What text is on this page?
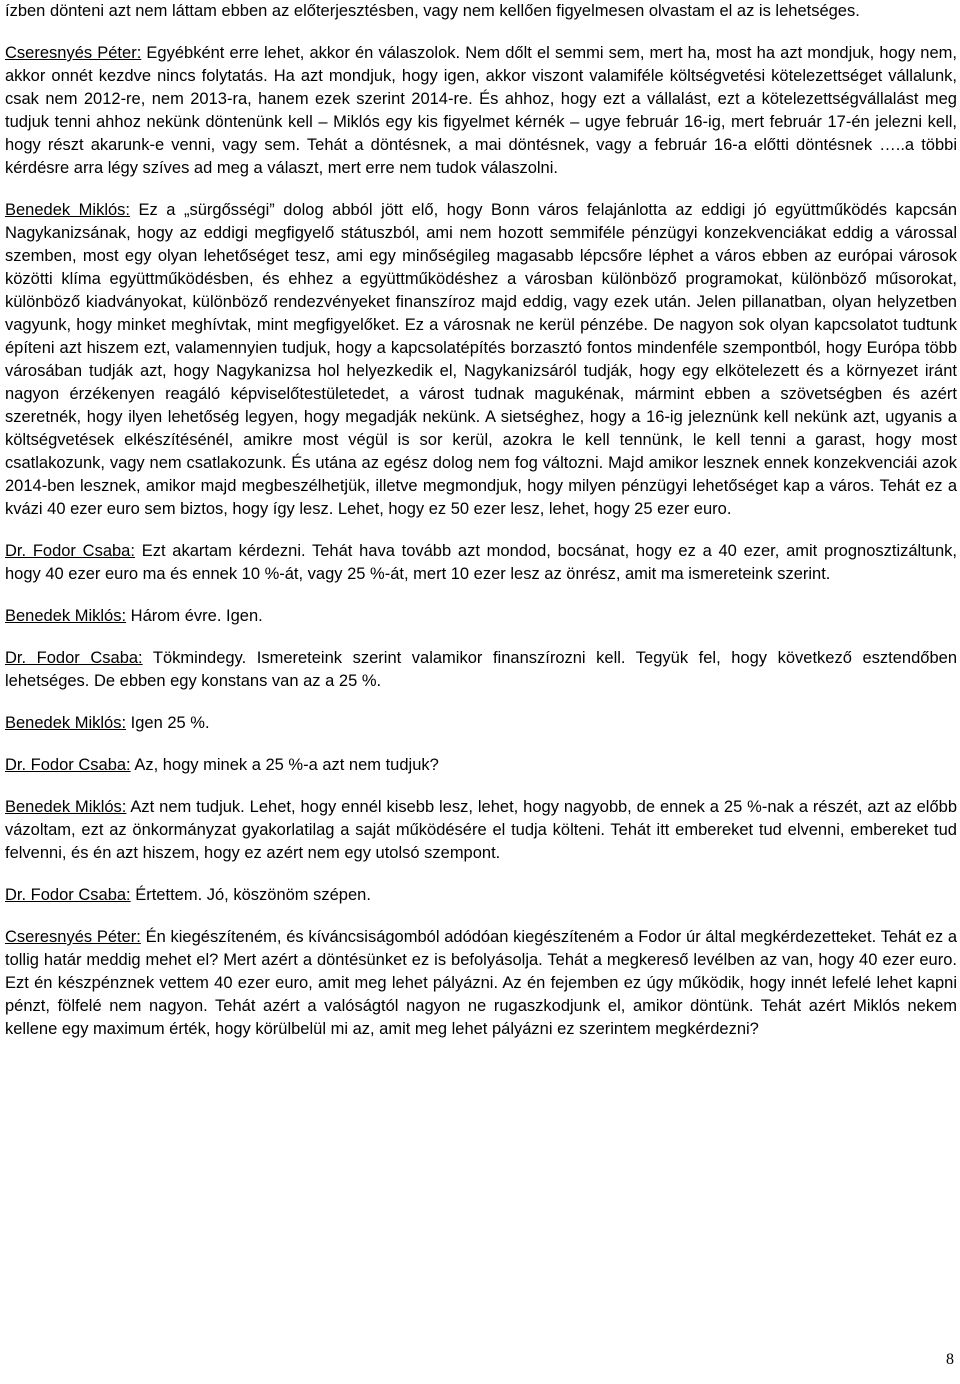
ízben dönteni azt nem láttam ebben az előterjesztésben, vagy nem kellően figyelmesen olvastam el az is lehetséges.

Cseresnyés Péter: Egyébként erre lehet, akkor én válaszolok. Nem dőlt el semmi sem, mert ha, most ha azt mondjuk, hogy nem, akkor onnét kezdve nincs folytatás. Ha azt mondjuk, hogy igen, akkor viszont valamiféle költségvetési kötelezettséget vállalunk, csak nem 2012-re, nem 2013-ra, hanem ezek szerint 2014-re. És ahhoz, hogy ezt a vállalást, ezt a kötelezettségvállalást meg tudjuk tenni ahhoz nekünk döntenünk kell – Miklós egy kis figyelmet kérnék – ugye február 16-ig, mert február 17-én jelezni kell, hogy részt akarunk-e venni, vagy sem. Tehát a döntésnek, a mai döntésnek, vagy a február 16-a előtti döntésnek …..a többi kérdésre arra légy szíves ad meg a választ, mert erre nem tudok válaszolni.

Benedek Miklós: Ez a „sürgősségi” dolog abból jött elő, hogy Bonn város felajánlotta az eddigi jó együttműködés kapcsán Nagykanizsának, hogy az eddigi megfigyelő státuszból, ami nem hozott semmiféle pénzügyi konzekvenciákat eddig a várossal szemben, most egy olyan lehetőséget tesz, ami egy minőségileg magasabb lépcsőre léphet a város ebben az európai városok közötti klíma együttműködésben, és ehhez a együttműködéshez a városban különböző programokat, különböző műsorokat, különböző kiadványokat, különböző rendezvényeket finanszíroz majd eddig, vagy ezek után. Jelen pillanatban, olyan helyzetben vagyunk, hogy minket meghívtak, mint megfigyelőket. Ez a városnak ne kerül pénzébe. De nagyon sok olyan kapcsolatot tudtunk építeni azt hiszem ezt, valamennyien tudjuk, hogy a kapcsolatépítés borzasztó fontos mindenféle szempontból, hogy Európa több városában tudják azt, hogy Nagykanizsa hol helyezkedik el, Nagykanizsáról tudják, hogy egy elkötelezett és a környezet iránt nagyon érzékenyen reagáló képviselőtestületedet, a várost tudnak magukénak, mármint ebben a szövetségben és azért szeretnék, hogy ilyen lehetőség legyen, hogy megadják nekünk. A sietséghez, hogy a 16-ig jeleznünk kell nekünk azt, ugyanis a költségvetések elkészítésénél, amikre most végül is sor kerül, azokra le kell tennünk, le kell tenni a garast, hogy most csatlakozunk, vagy nem csatlakozunk. És utána az egész dolog nem fog változni. Majd amikor lesznek ennek konzekvenciái azok 2014-ben lesznek, amikor majd megbeszélhetjük, illetve megmondjuk, hogy milyen pénzügyi lehetőséget kap a város. Tehát ez a kvázi 40 ezer euro sem biztos, hogy így lesz. Lehet, hogy ez 50 ezer lesz, lehet, hogy 25 ezer euro.

Dr. Fodor Csaba: Ezt akartam kérdezni. Tehát hava tovább azt mondod, bocsánat, hogy ez a 40 ezer, amit prognosztizáltunk, hogy 40 ezer euro ma és ennek 10 %-át, vagy 25 %-át, mert 10 ezer lesz az önrész, amit ma ismereteink szerint.

Benedek Miklós: Három évre. Igen.

Dr. Fodor Csaba: Tökmindegy. Ismereteink szerint valamikor finanszírozni kell. Tegyük fel, hogy következő esztendőben lehetséges. De ebben egy konstans van az a 25 %.

Benedek Miklós: Igen 25 %.

Dr. Fodor Csaba: Az, hogy minek a 25 %-a azt nem tudjuk?

Benedek Miklós: Azt nem tudjuk. Lehet, hogy ennél kisebb lesz, lehet, hogy nagyobb, de ennek a 25 %-nak a részét, azt az előbb vázoltam, ezt az önkormányzat gyakorlatilag a saját működésére el tudja költeni. Tehát itt embereket tud elvenni, embereket tud felvenni, és én azt hiszem, hogy ez azért nem egy utolsó szempont.

Dr. Fodor Csaba: Értettem. Jó, köszönöm szépen.

Cseresnyés Péter: Én kiegészíteném, és kíváncsiságomból adódóan kiegészíteném a Fodor úr által megkérdezetteket. Tehát ez a tollig határ meddig mehet el? Mert azért a döntésünket ez is befolyásolja. Tehát a megkereső levélben az van, hogy 40 ezer euro. Ezt én készpénznek vettem 40 ezer euro, amit meg lehet pályázni. Az én fejemben ez úgy működik, hogy innét lefelé lehet kapni pénzt, fölfelé nem nagyon. Tehát azért a valóságtól nagyon ne rugaszkodjunk el, amikor döntünk. Tehát azért Miklós nekem kellene egy maximum érték, hogy körülbelül mi az, amit meg lehet pályázni ez szerintem megkérdezni?

8
